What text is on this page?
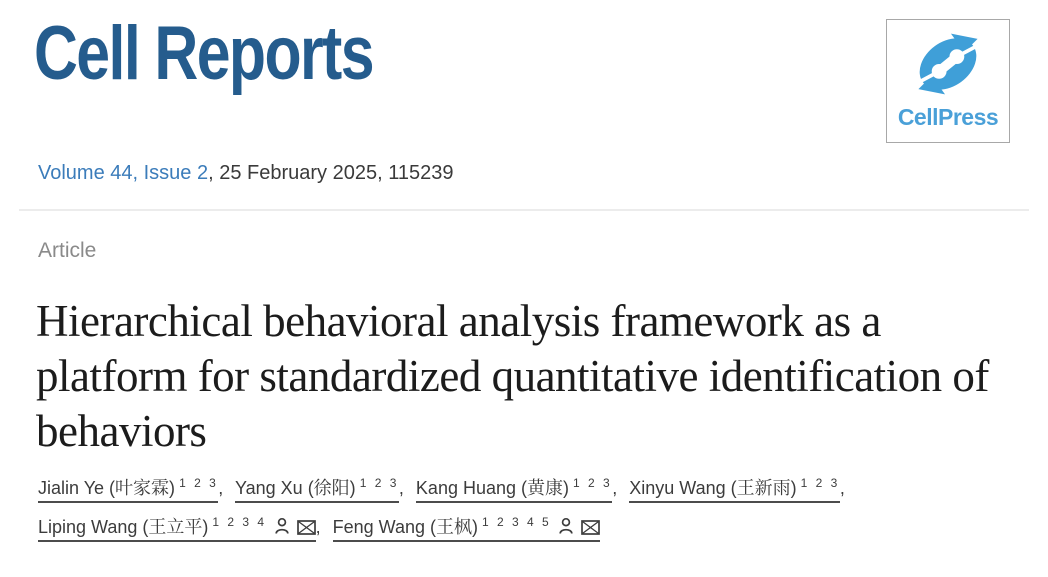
Cell Reports
CellPress
Volume 44, Issue 2, 25 February 2025, 115239
Article
Hierarchical behavioral analysis framework as a platform for standardized quantitative identification of behaviors
Jialin Ye (叶家霖) $^{1 2 3}$, Yang Xu (徐阳) $^{1 2 3}$, Kang Huang (黄康) $^{1 2 3}$, Xinyu Wang (王新雨) $^{1 2 3}$,
Liping Wang (王立平) $^{1 2 3 4}$	, Feng Wang (王枫) $^{1 2 3 4 5}$
